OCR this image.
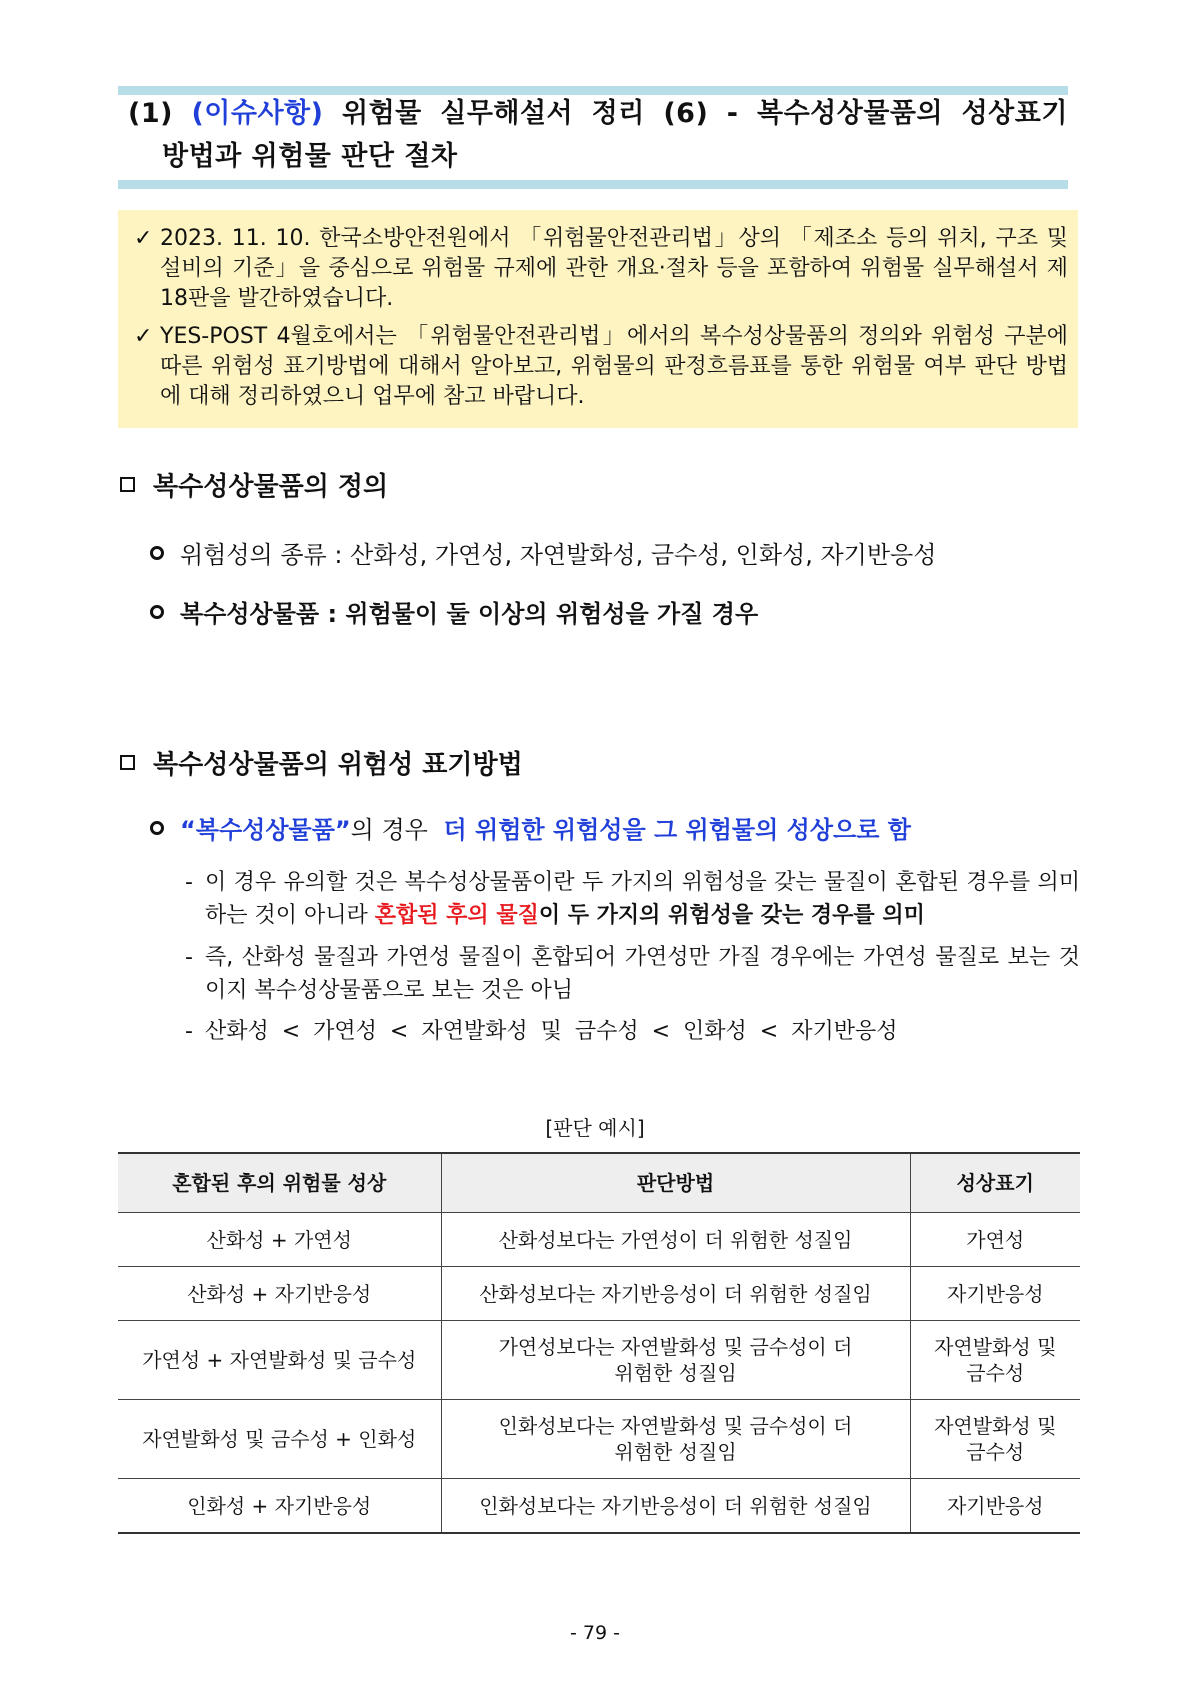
(1) (이슈사항) 위험물 실무해설서 정리 (6) - 복수성상물품의 성상표기
방법과 위험물 판단 절차
✓ 2023. 11. 10. 한국소방안전원에서 「위험물안전관리법」상의 「제조소 등의 위치, 구조 및 설비의 기준」을 중심으로 위험물 규제에 관한 개요·절차 등을 포함하여 위험물 실무해설서 제18판을 발간하였습니다.
✓ YES-POST 4월호에서는 「위험물안전관리법」에서의 복수성상물품의 정의와 위험성 구분에 따른 위험성 표기방법에 대해서 알아보고, 위험물의 판정흐름표를 통한 위험물 여부 판단 방법에 대해 정리하였으니 업무에 참고 바랍니다.
복수성상물품의 정의
위험성의 종류 : 산화성, 가연성, 자연발화성, 금수성, 인화성, 자기반응성
복수성상물품 : 위험물이 둘 이상의 위험성을 가질 경우
복수성상물품의 위험성 표기방법
“복수성상물품” 의 경우 더 위험한 위험성을 그 위험물의 성상으로 함
- 이 경우 유의할 것은 복수성상물품이란 두 가지의 위험성을 갖는 물질이 혼합된 경우를 의미하는 것이 아니라 혼합된 후의 물질이 두 가지의 위험성을 갖는 경우를 의미
- 즉, 산화성 물질과 가연성 물질이 혼합되어 가연성만 가질 경우에는 가연성 물질로 보는 것이지 복수성상물품으로 보는 것은 아님
- 산화성 < 가연성 < 자연발화성 및 금수성 < 인화성 < 자기반응성
[판단 예시]
혼합된 후의 위험물 성상	판단방법	성상표기
산화성 + 가연성	산화성보다는 가연성이 더 위험한 성질임	가연성
산화성 + 자기반응성	산화성보다는 자기반응성이 더 위험한 성질임	자기반응성
가연성 + 자연발화성 및 금수성	가연성보다는 자연발화성 및 금수성이 더
위험한 성질임	자연발화성 및
금수성
자연발화성 및 금수성 + 인화성	인화성보다는 자연발화성 및 금수성이 더
위험한 성질임	자연발화성 및
금수성
인화성 + 자기반응성	인화성보다는 자기반응성이 더 위험한 성질임	자기반응성
- 79 -
